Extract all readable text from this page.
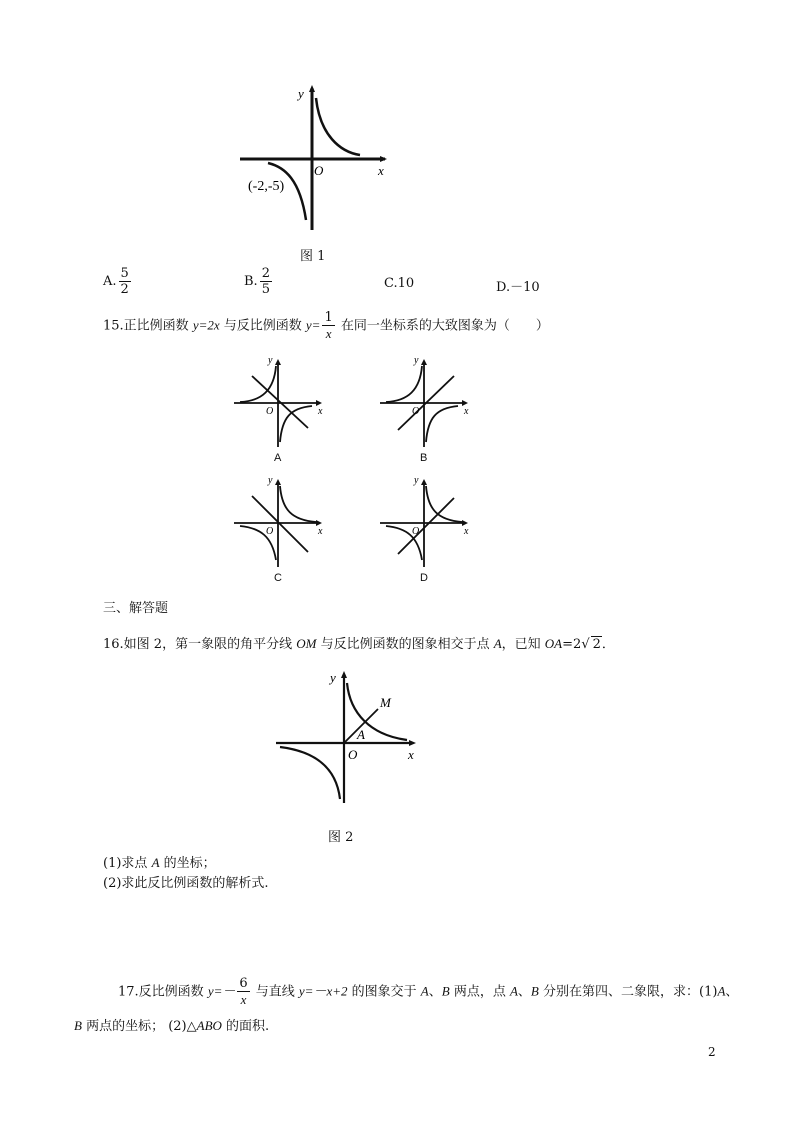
x
y
O
(-2,-5)
图 1
A. $\frac{5}{2}$	B. $\frac{2}{5}$	C.10	D.－10
15.正比例函数 y=2x 与反比例函数 $y= \frac{1}{x}$ 在同一坐标系的大致图象为（　　）
x
y
O
A
x
y
O
B
x
y
O
C
x
y
O
D
三、解答题
16.如图 2，第一象限的角平分线 OM 与反比例函数的图象相交于点 A，已知 OA=2√ 2．
x
y
O
A
M
图 2
(1)求点 A 的坐标；
(2)求此反比例函数的解析式.
17.反比例函数 $y=- \frac{6}{x}$ 与直线 y=－x+2 的图象交于 A、B 两点，点 A、B 分别在第四、二象限，求：(1)A、
B 两点的坐标； (2)△ABO 的面积.
2
